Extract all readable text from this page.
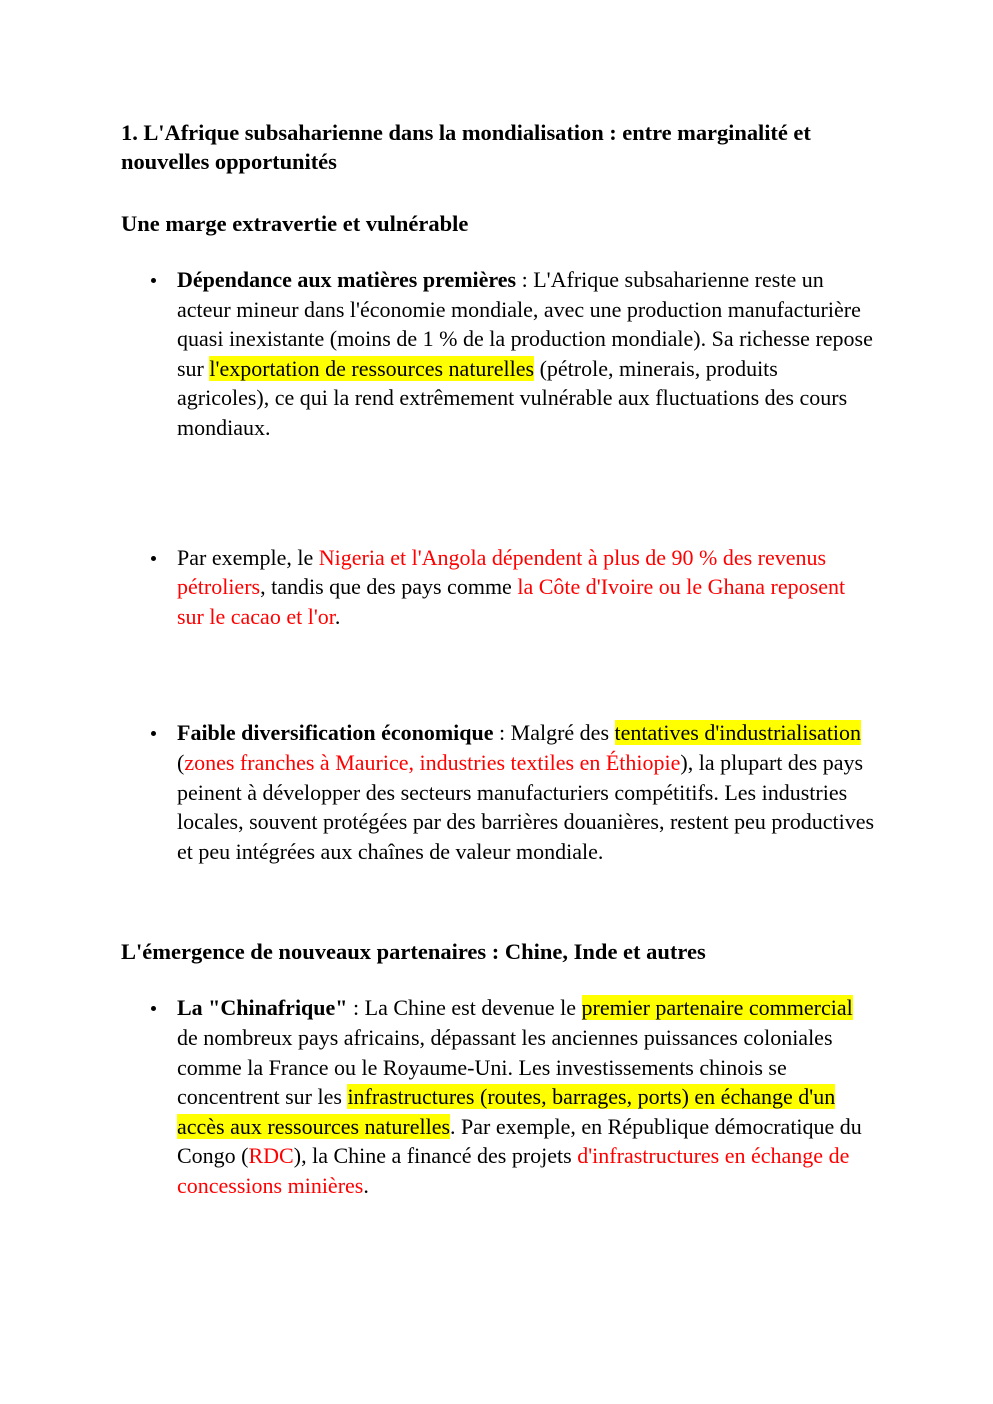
1. L'Afrique subsaharienne dans la mondialisation : entre marginalité et nouvelles opportunités
Une marge extravertie et vulnérable
Dépendance aux matières premières : L'Afrique subsaharienne reste un acteur mineur dans l'économie mondiale, avec une production manufacturière quasi inexistante (moins de 1 % de la production mondiale). Sa richesse repose sur l'exportation de ressources naturelles (pétrole, minerais, produits agricoles), ce qui la rend extrêmement vulnérable aux fluctuations des cours mondiaux.
Par exemple, le Nigeria et l'Angola dépendent à plus de 90 % des revenus pétroliers, tandis que des pays comme la Côte d'Ivoire ou le Ghana reposent sur le cacao et l'or.
Faible diversification économique : Malgré des tentatives d'industrialisation (zones franches à Maurice, industries textiles en Éthiopie), la plupart des pays peinent à développer des secteurs manufacturiers compétitifs. Les industries locales, souvent protégées par des barrières douanières, restent peu productives et peu intégrées aux chaînes de valeur mondiale.
L'émergence de nouveaux partenaires : Chine, Inde et autres
La "Chinafrique" : La Chine est devenue le premier partenaire commercial de nombreux pays africains, dépassant les anciennes puissances coloniales comme la France ou le Royaume-Uni. Les investissements chinois se concentrent sur les infrastructures (routes, barrages, ports) en échange d'un accès aux ressources naturelles. Par exemple, en République démocratique du Congo (RDC), la Chine a financé des projets d'infrastructures en échange de concessions minières.
